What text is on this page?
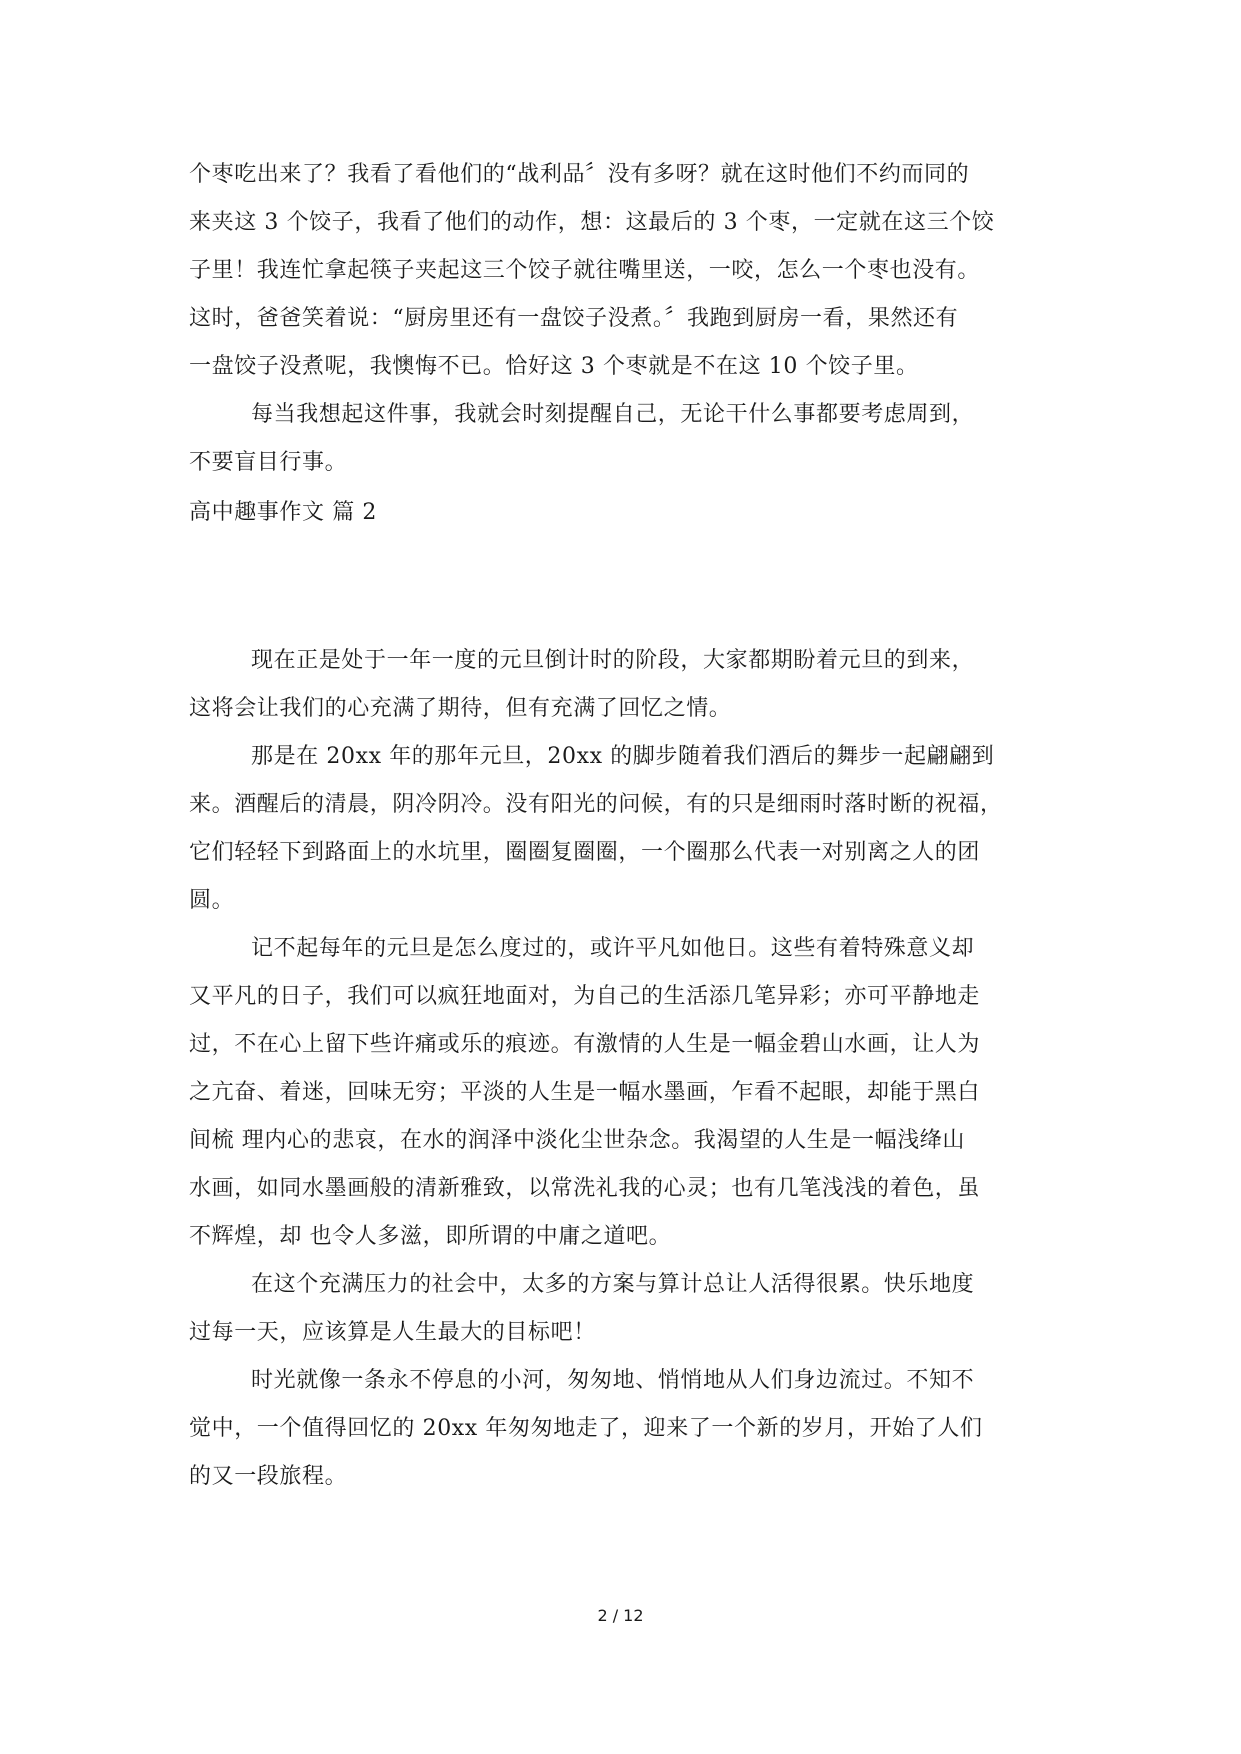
个枣吃出来了？我看了看他们的“战利品〞没有多呀？就在这时他们不约而同的
来夹这 3 个饺子，我看了他们的动作，想：这最后的 3 个枣，一定就在这三个饺
子里！我连忙拿起筷子夹起这三个饺子就往嘴里送，一咬，怎么一个枣也没有。
这时，爸爸笑着说：“厨房里还有一盘饺子没煮。〞我跑到厨房一看，果然还有
一盘饺子没煮呢，我懊悔不已。恰好这 3 个枣就是不在这 10 个饺子里。
每当我想起这件事，我就会时刻提醒自己，无论干什么事都要考虑周到，
不要盲目行事。
高中趣事作文 篇 2
现在正是处于一年一度的元旦倒计时的阶段，大家都期盼着元旦的到来，
这将会让我们的心充满了期待，但有充满了回忆之情。
那是在 20xx 年的那年元旦，20xx 的脚步随着我们酒后的舞步一起翩翩到
来。酒醒后的清晨，阴冷阴冷。没有阳光的问候，有的只是细雨时落时断的祝福，
它们轻轻下到路面上的水坑里，圈圈复圈圈，一个圈那么代表一对别离之人的团
圆。
记不起每年的元旦是怎么度过的，或许平凡如他日。这些有着特殊意义却
又平凡的日子，我们可以疯狂地面对，为自己的生活添几笔异彩；亦可平静地走
过，不在心上留下些许痛或乐的痕迹。有激情的人生是一幅金碧山水画，让人为
之亢奋、着迷，回味无穷；平淡的人生是一幅水墨画，乍看不起眼，却能于黑白
间梳 理内心的悲哀，在水的润泽中淡化尘世杂念。我渴望的人生是一幅浅绛山
水画，如同水墨画般的清新雅致，以常洗礼我的心灵；也有几笔浅浅的着色，虽
不辉煌，却 也令人多滋，即所谓的中庸之道吧。
在这个充满压力的社会中，太多的方案与算计总让人活得很累。快乐地度
过每一天，应该算是人生最大的目标吧！
时光就像一条永不停息的小河，匆匆地、悄悄地从人们身边流过。不知不
觉中，一个值得回忆的 20xx 年匆匆地走了，迎来了一个新的岁月，开始了人们
的又一段旅程。
2 / 12
